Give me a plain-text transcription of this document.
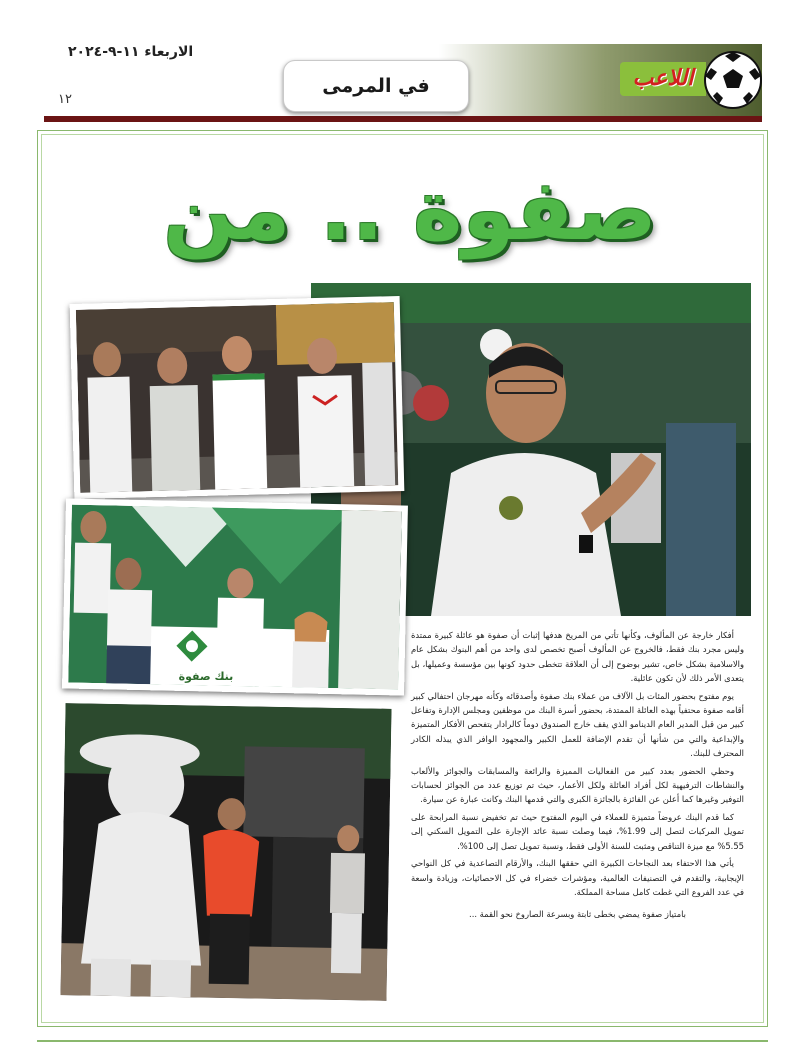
الاربعاء ١١-٩-٢٠٢٤
١٢
في المرمى	اللاعب
صفوة .. من
بنك صفوة

أفكار خارجة عن المألوف، وكأنها تأتي من المريخ هدفها إثبات أن صفوة هو عائلة كبيرة ممتدة وليس مجرد بنك فقط، فالخروج عن المألوف أصبح تخصص لدى واحد من أهم البنوك بشكل عام والاسلامية بشكل خاص، تشير بوضوح إلى أن العلاقة تتخطى حدود كونها بين مؤسسة وعميلها، بل يتعدى الأمر ذلك لأن تكون عائلية.

يوم مفتوح بحضور المئات بل الآلاف من عملاء بنك صفوة وأصدقائه وكأنه مهرجان احتفالي كبير أقامه صفوة محتفياً بهذه العائلة الممتدة، بحضور أسرة البنك من موظفين ومجلس الإدارة وتفاعل كبير من قبل المدير العام الدينامو الذي يقف خارج الصندوق دوماً كالرادار يتفحص الأفكار المتميزة والإبداعية والتي من شأنها أن تقدم الإضافة للعمل الكبير والمجهود الوافر الذي يبذله الكادر المحترف للبنك.

وحظي الحضور بعدد كبير من الفعاليات المميزة والرائعة والمسابقات والجوائز والألعاب والنشاطات الترفيهية لكل أفراد العائلة ولكل الأعمار، حيث تم توزيع عدد من الجوائز لحسابات التوفير وغيرها كما أعلن عن الفائزة بالجائزة الكبرى والتي قدمها البنك وكانت عبارة عن سيارة.

كما قدم البنك عروضاً متميزة للعملاء في اليوم المفتوح حيث تم تخفيض نسبة المرابحة على تمويل المركبات لتصل إلى 1.99%، فيما وصلت نسبة عائد الإجارة على التمويل السكني إلى 5.55% مع ميزة التناقص ومثبت للسنة الأولى فقط، ونسبة تمويل تصل إلى 100%.

يأتي هذا الاحتفاء بعد النجاحات الكبيرة التي حققها البنك، والأرقام التصاعدية في كل النواحي الإيجابية، والتقدم في التصنيفات العالمية، ومؤشرات خضراء في كل الاحصائيات، وزيادة واسعة في عدد الفروع التي غطت كامل مساحة المملكة.

بامتياز صفوة يمضي بخطى ثابتة وبسرعة الصاروخ نحو القمة ...
